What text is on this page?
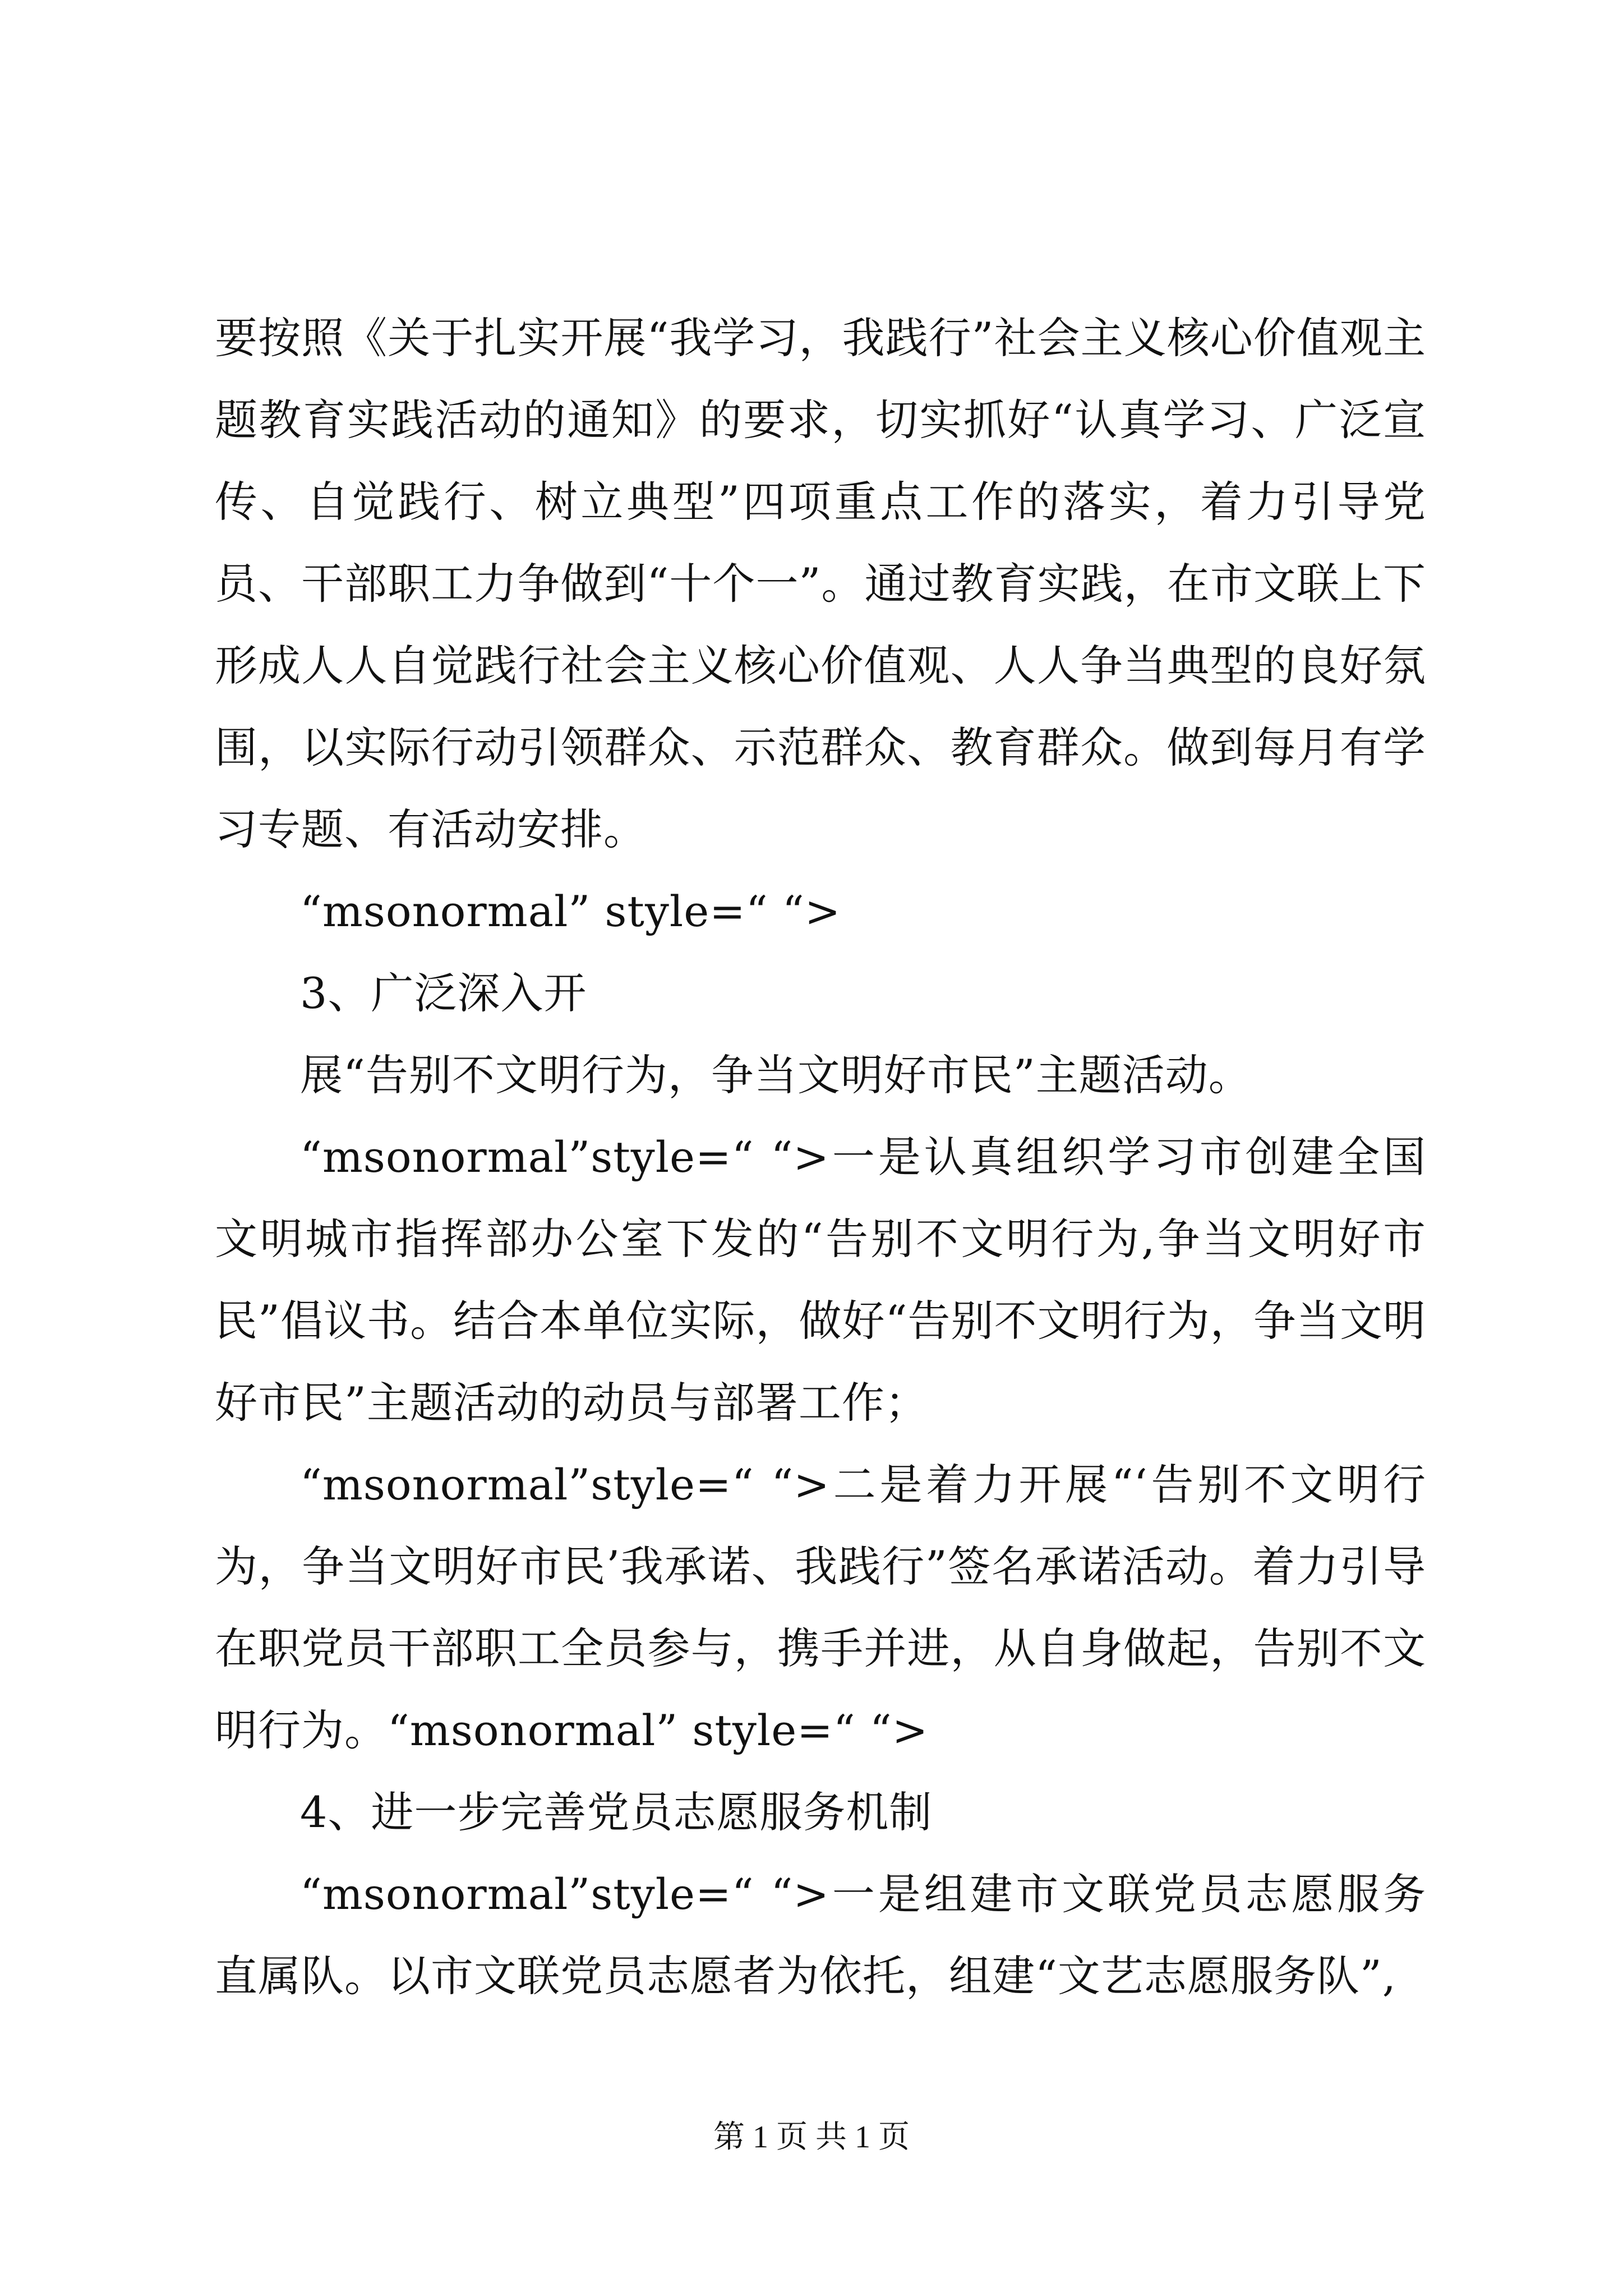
要按照《关于扎实开展“我学习，我践行”社会主义核心价值观主题教育实践活动的通知》的要求，切实抓好“认真学习、广泛宣传、自觉践行、树立典型”四项重点工作的落实，着力引导党员、干部职工力争做到“十个一”。通过教育实践，在市文联上下形成人人自觉践行社会主义核心价值观、人人争当典型的良好氛围，以实际行动引领群众、示范群众、教育群众。做到每月有学习专题、有活动安排。

“msonormal” style=“ “>

3、广泛深入开

展“告别不文明行为，争当文明好市民”主题活动。

“msonormal”style=“ “>一是认真组织学习市创建全国文明城市指挥部办公室下发的“告别不文明行为,争当文明好市民”倡议书。结合本单位实际，做好“告别不文明行为，争当文明好市民”主题活动的动员与部署工作；

“msonormal”style=“ “>二是着力开展“‘告别不文明行为，争当文明好市民’我承诺、我践行”签名承诺活动。着力引导在职党员干部职工全员参与，携手并进，从自身做起，告别不文明行为。“msonormal” style=“ “>

4、进一步完善党员志愿服务机制

“msonormal”style=“ “>一是组建市文联党员志愿服务直属队。以市文联党员志愿者为依托，组建“文艺志愿服务队”,

第 1 页 共 1 页
